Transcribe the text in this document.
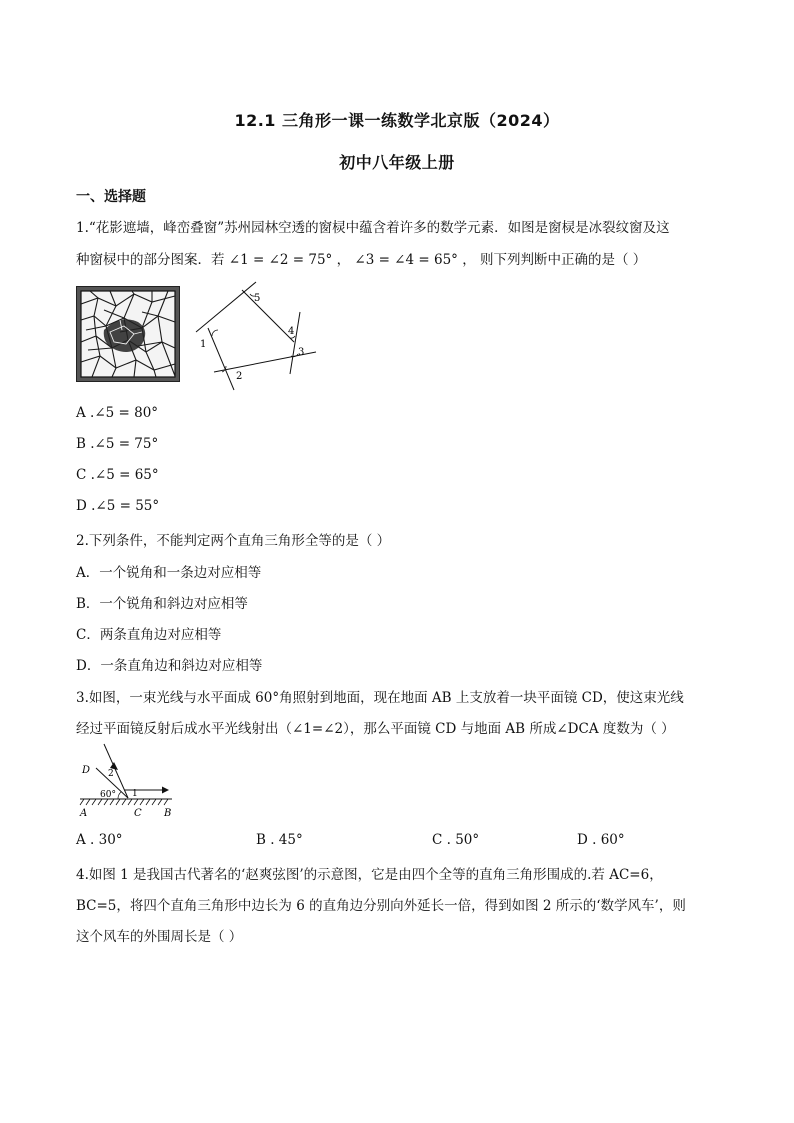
12.1 三角形一课一练数学北京版（2024）
初中八年级上册
一、选择题
1.“花影遮墙，峰峦叠窗”苏州园林空透的窗棂中蕴含着许多的数学元素．如图是窗棂是冰裂纹窗及这
种窗棂中的部分图案．若 ∠1 = ∠2 = 75° ， ∠3 = ∠4 = 65° ， 则下列判断中正确的是（ ）
5
1
2
3
4
A .∠5 = 80°
B .∠5 = 75°
C .∠5 = 65°
D .∠5 = 55°
2.下列条件，不能判定两个直角三角形全等的是（ ）
A．一个锐角和一条边对应相等
B．一个锐角和斜边对应相等
C．两条直角边对应相等
D．一条直角边和斜边对应相等
3.如图，一束光线与水平面成 60°角照射到地面，现在地面 AB 上支放着一块平面镜 CD，使这束光线
经过平面镜反射后成水平光线射出（∠1=∠2），那么平面镜 CD 与地面 AB 所成∠DCA 度数为（ ）
D 2
1
60°
A	C B
A . 30°	B . 45°	C . 50°	D . 60°
4.如图 1 是我国古代著名的‘赵爽弦图’的示意图，它是由四个全等的直角三角形围成的.若 AC=6，
BC=5，将四个直角三角形中边长为 6 的直角边分别向外延长一倍，得到如图 2 所示的‘数学风车’，则
这个风车的外围周长是（ ）
